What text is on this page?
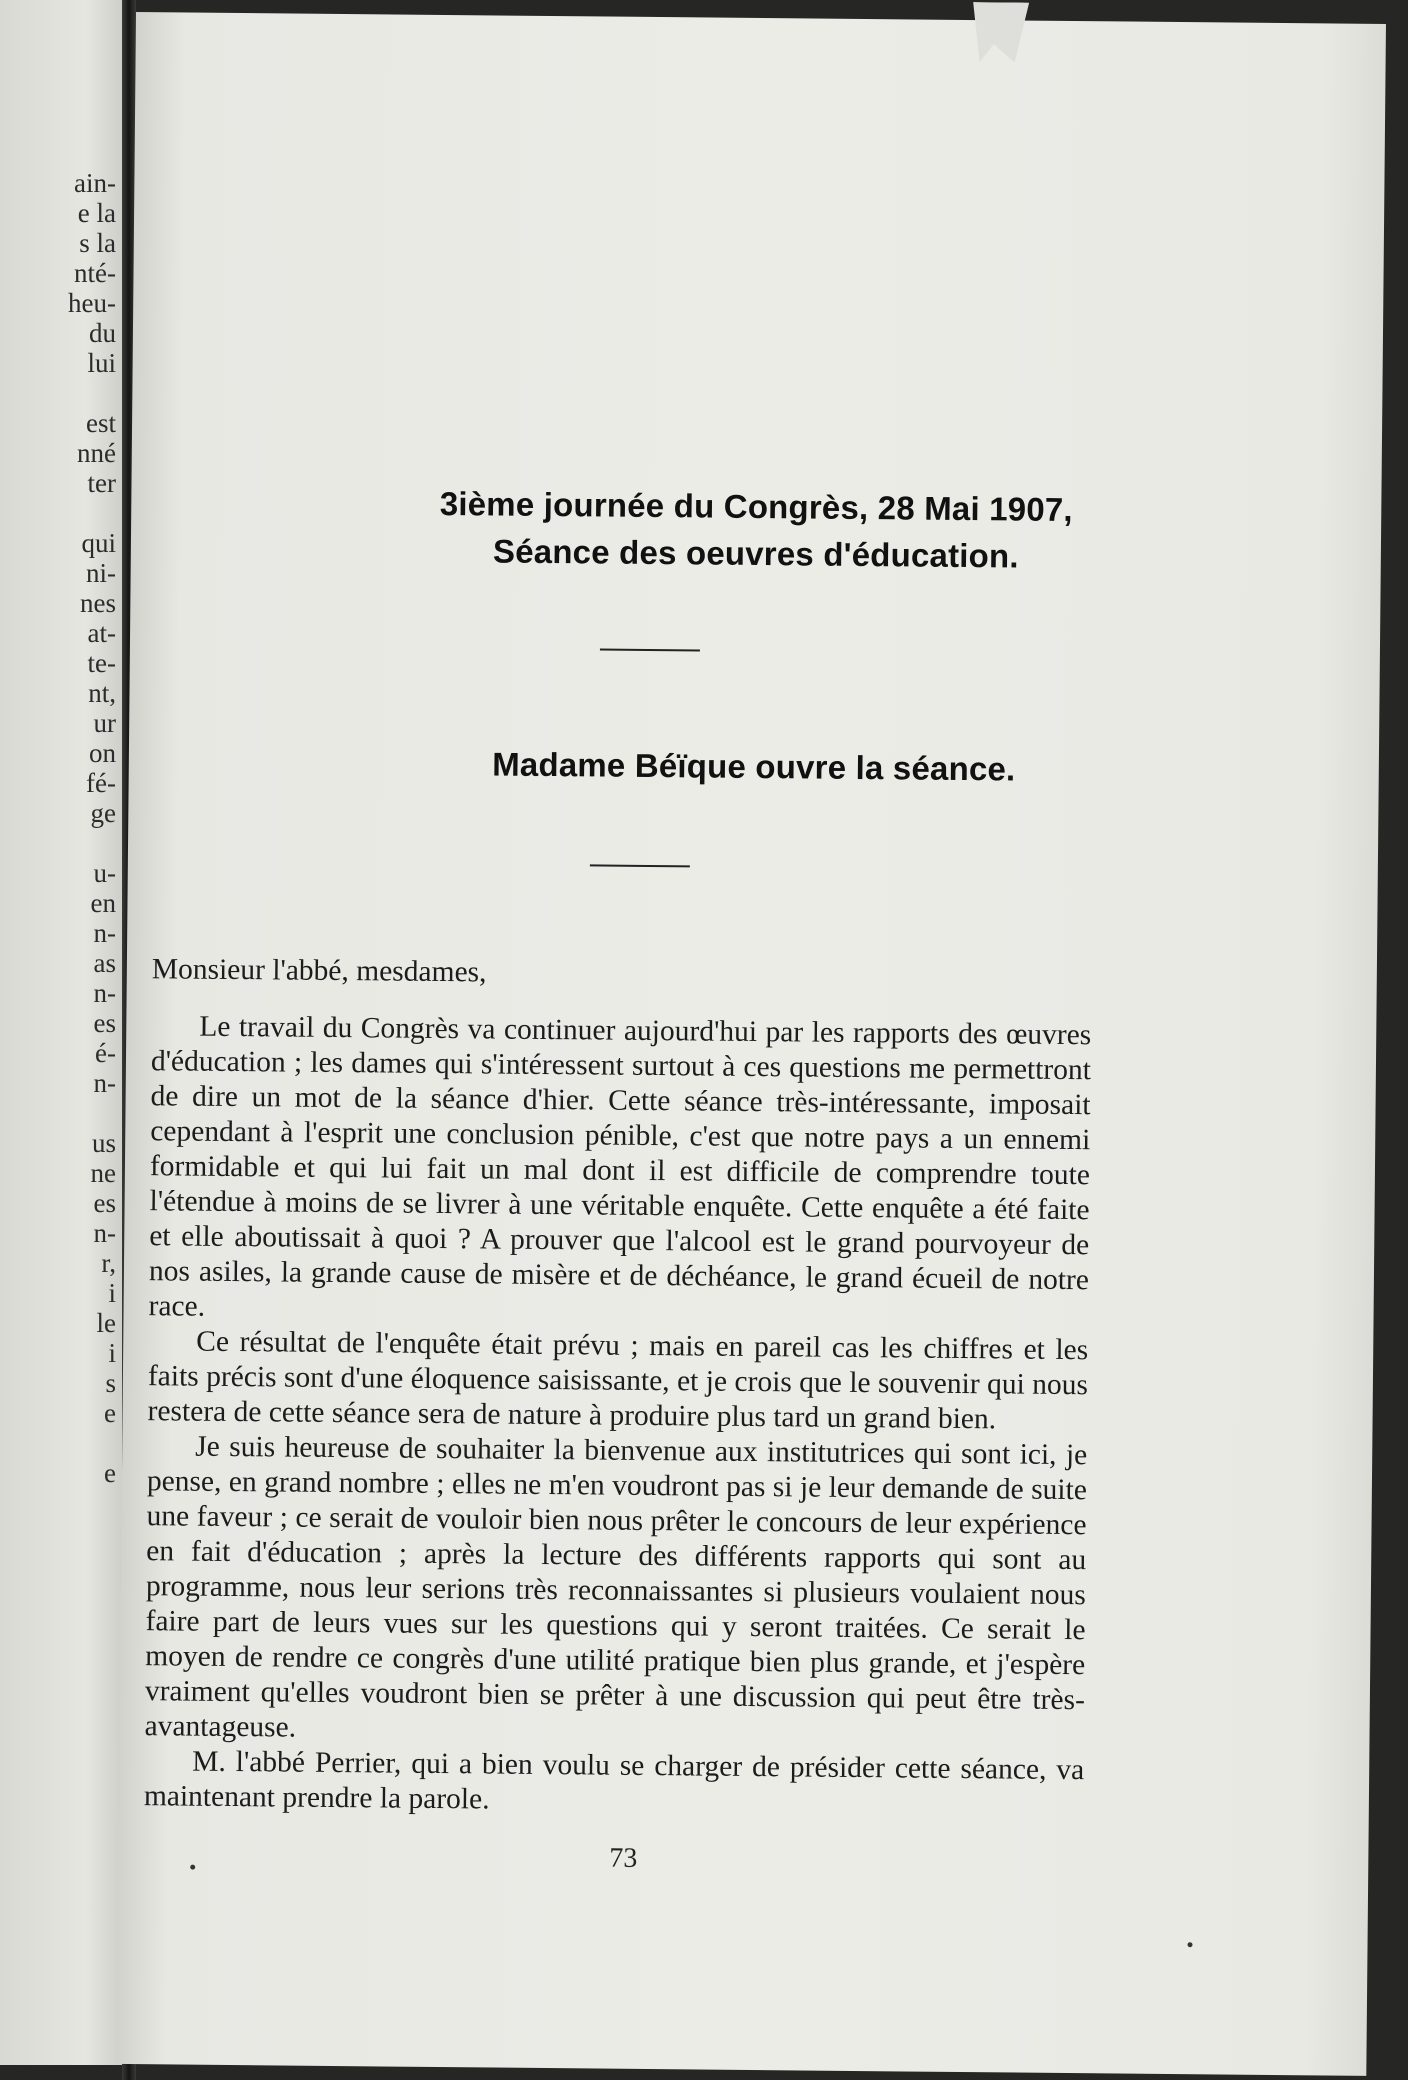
ain-
e la
s la
nté-
heu-
du
lui
est
nné
ter
qui
ni-
nes
at-
te-
nt,
ur
on
fé-
ge
u-
en
n-
as
n-
es
é-
n-
us
ne
es
n-
r,
i
le
i
s
e
e
3ième journée du Congrès, 28 Mai 1907,
Séance des oeuvres d'éducation.
Madame Béïque ouvre la séance.

Monsieur l'abbé, mesdames,

Le travail du Congrès va continuer aujourd'hui par les rapports des œuvres d'éducation ; les dames qui s'intéressent surtout à ces questions me permettront de dire un mot de la séance d'hier. Cette séance très-intéressante, imposait cependant à l'esprit une conclusion pénible, c'est que notre pays a un ennemi formidable et qui lui fait un mal dont il est difficile de comprendre toute l'étendue à moins de se livrer à une véritable enquête. Cette enquête a été faite et elle aboutissait à quoi ? A prouver que l'alcool est le grand pourvoyeur de nos asiles, la grande cause de misère et de déchéance, le grand écueil de notre race.

Ce résultat de l'enquête était prévu ; mais en pareil cas les chiffres et les faits précis sont d'une éloquence saisissante, et je crois que le souvenir qui nous restera de cette séance sera de nature à produire plus tard un grand bien.

Je suis heureuse de souhaiter la bienvenue aux institutrices qui sont ici, je pense, en grand nombre ; elles ne m'en voudront pas si je leur demande de suite une faveur ; ce serait de vouloir bien nous prêter le concours de leur expérience en fait d'éducation ; après la lecture des différents rapports qui sont au programme, nous leur serions très reconnaissantes si plusieurs voulaient nous faire part de leurs vues sur les questions qui y seront traitées. Ce serait le moyen de rendre ce congrès d'une utilité pratique bien plus grande, et j'espère vraiment qu'elles voudront bien se prêter à une discussion qui peut être très-avantageuse.

M. l'abbé Perrier, qui a bien voulu se charger de présider cette séance, va maintenant prendre la parole.

73
